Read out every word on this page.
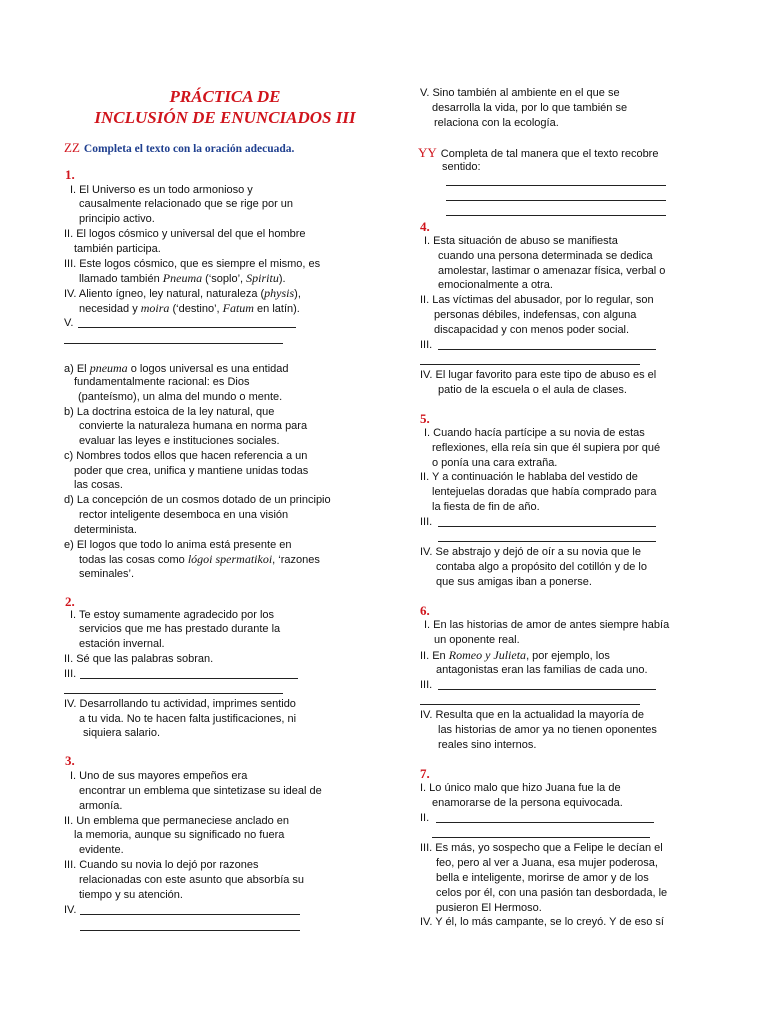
PRÁCTICA DE
INCLUSIÓN DE ENUNCIADOS III
ZZ Completa el texto con la oración adecuada.
1.
I. El Universo es un todo armonioso y
causalmente relacionado que se rige por un
principio activo.
II. El logos cósmico y universal del que el hombre
también participa.
III. Este logos cósmico, que es siempre el mismo, es
llamado también Pneuma (‘soplo’, Spiritu).
IV. Aliento ígneo, ley natural, naturaleza (physis),
necesidad y moira (‘destino’, Fatum en latín).
V.
a) El pneuma o logos universal es una entidad
fundamentalmente racional: es Dios
(panteísmo), un alma del mundo o mente.
b) La doctrina estoica de la ley natural, que
convierte la naturaleza humana en norma para
evaluar las leyes e instituciones sociales.
c) Nombres todos ellos que hacen referencia a un
poder que crea, unifica y mantiene unidas todas
las cosas.
d) La concepción de un cosmos dotado de un principio
rector inteligente desemboca en una visión
determinista.
e) El logos que todo lo anima está presente en
todas las cosas como lógoi spermatikoi, ‘razones
seminales’.
2.
I. Te estoy sumamente agradecido por los
servicios que me has prestado durante la
estación invernal.
II. Sé que las palabras sobran.
III.
IV. Desarrollando tu actividad, imprimes sentido
a tu vida. No te hacen falta justificaciones, ni
siquiera salario.
3.
I. Uno de sus mayores empeños era
encontrar un emblema que sintetizase su ideal de
armonía.
II. Un emblema que permaneciese anclado en
la memoria, aunque su significado no fuera
evidente.
III. Cuando su novia lo dejó por razones
relacionadas con este asunto que absorbía su
tiempo y su atención.
IV.
V. Sino también al ambiente en el que se
desarrolla la vida, por lo que también se
relaciona con la ecología.
YY Completa de tal manera que el texto recobre
sentido:
4.
I. Esta situación de abuso se manifiesta
cuando una persona determinada se dedica
amolestar, lastimar o amenazar física, verbal o
emocionalmente a otra.
II. Las víctimas del abusador, por lo regular, son
personas débiles, indefensas, con alguna
discapacidad y con menos poder social.
III.
IV. El lugar favorito para este tipo de abuso es el
patio de la escuela o el aula de clases.
5.
I. Cuando hacía partícipe a su novia de estas
reflexiones, ella reía sin que él supiera por qué
o ponía una cara extraña.
II. Y a continuación le hablaba del vestido de
lentejuelas doradas que había comprado para
la fiesta de fin de año.
III.
IV. Se abstrajo y dejó de oír a su novia que le
contaba algo a propósito del cotillón y de lo
que sus amigas iban a ponerse.
6.
I. En las historias de amor de antes siempre había
un oponente real.
II. En Romeo y Julieta, por ejemplo, los
antagonistas eran las familias de cada uno.
III.
IV. Resulta que en la actualidad la mayoría de
las historias de amor ya no tienen oponentes
reales sino internos.
7.
I. Lo único malo que hizo Juana fue la de
enamorarse de la persona equivocada.
II.
III. Es más, yo sospecho que a Felipe le decían el
feo, pero al ver a Juana, esa mujer poderosa,
bella e inteligente, morirse de amor y de los
celos por él, con una pasión tan desbordada, le
pusieron El Hermoso.
IV. Y él, lo más campante, se lo creyó. Y de eso sí
